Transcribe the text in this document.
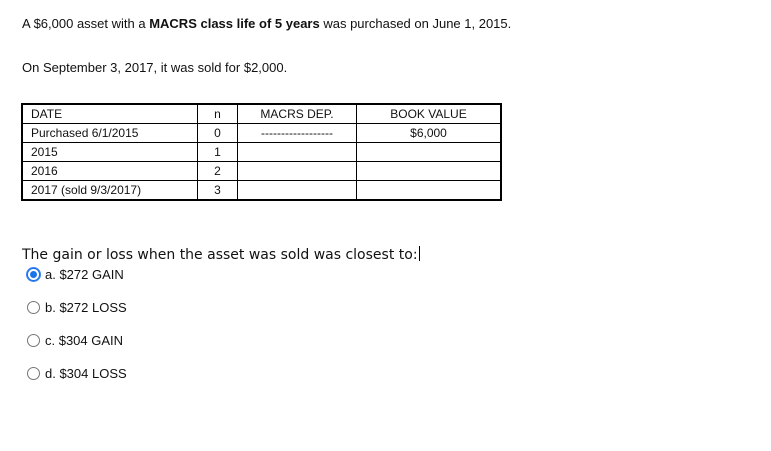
A $6,000 asset with a MACRS class life of 5 years was purchased on June 1, 2015.
On September 3, 2017, it was sold for $2,000.
DATE	n	MACRS DEP.	BOOK VALUE
Purchased 6/1/2015	0	------------------	$6,000
2015	1		
2016	2		
2017 (sold 9/3/2017)	3		
The gain or loss when the asset was sold was closest to:
a. $272 GAIN
b. $272 LOSS
c. $304 GAIN
d. $304 LOSS
